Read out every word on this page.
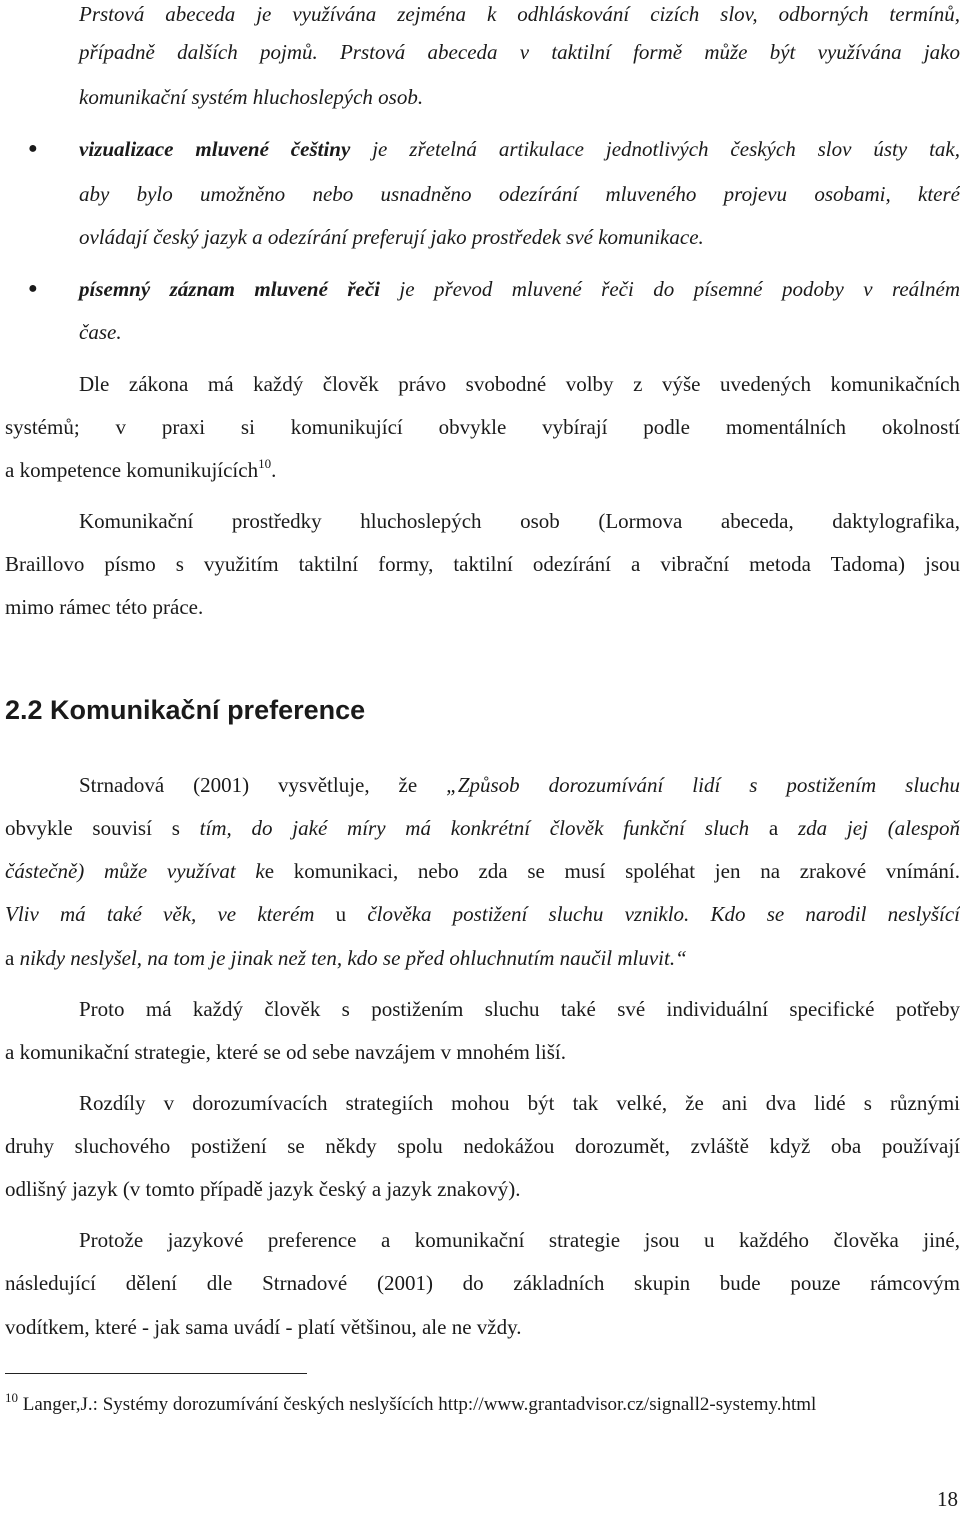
Prstová abeceda je využívána zejména k odhláskování cizích slov, odborných termínů,
případně dalších pojmů. Prstová abeceda v taktilní formě může být využívána jako
komunikační systém hluchoslepých osob.
● vizualizace mluvené češtiny je zřetelná artikulace jednotlivých českých slov ústy tak,
aby bylo umožněno nebo usnadněno odezírání mluveného projevu osobami, které
ovládají český jazyk a odezírání preferují jako prostředek své komunikace.
● písemný záznam mluvené řeči je převod mluvené řeči do písemné podoby v reálném
čase.
Dle zákona má každý člověk právo svobodné volby z výše uvedených komunikačních
systémů; v praxi si komunikující obvykle vybírají podle momentálních okolností
a kompetence komunikujících$^{10}$.
Komunikační prostředky hluchoslepých osob (Lormova abeceda, daktylografika,
Braillovo písmo s využitím taktilní formy, taktilní odezírání a vibrační metoda Tadoma) jsou
mimo rámec této práce.
2.2 Komunikační preference
Strnadová (2001) vysvětluje, že „Způsob dorozumívání lidí s postižením sluchu
obvykle souvisí s tím, do jaké míry má konkrétní člověk funkční sluch a zda jej (alespoň
částečně) může využívat ke komunikaci, nebo zda se musí spoléhat jen na zrakové vnímání.
Vliv má také věk, ve kterém u člověka postižení sluchu vzniklo. Kdo se narodil neslyšící
a nikdy neslyšel, na tom je jinak než ten, kdo se před ohluchnutím naučil mluvit.“
Proto má každý člověk s postižením sluchu také své individuální specifické potřeby
a komunikační strategie, které se od sebe navzájem v mnohém liší.
Rozdíly v dorozumívacích strategiích mohou být tak velké, že ani dva lidé s různými
druhy sluchového postižení se někdy spolu nedokážou dorozumět, zvláště když oba používají
odlišný jazyk (v tomto případě jazyk český a jazyk znakový).
Protože jazykové preference a komunikační strategie jsou u každého člověka jiné,
následující dělení dle Strnadové (2001) do základních skupin bude pouze rámcovým
vodítkem, které - jak sama uvádí - platí většinou, ale ne vždy.
$^{10}$ Langer,J.: Systémy dorozumívání českých neslyšících http://www.grantadvisor.cz/signall2-systemy.html
18
